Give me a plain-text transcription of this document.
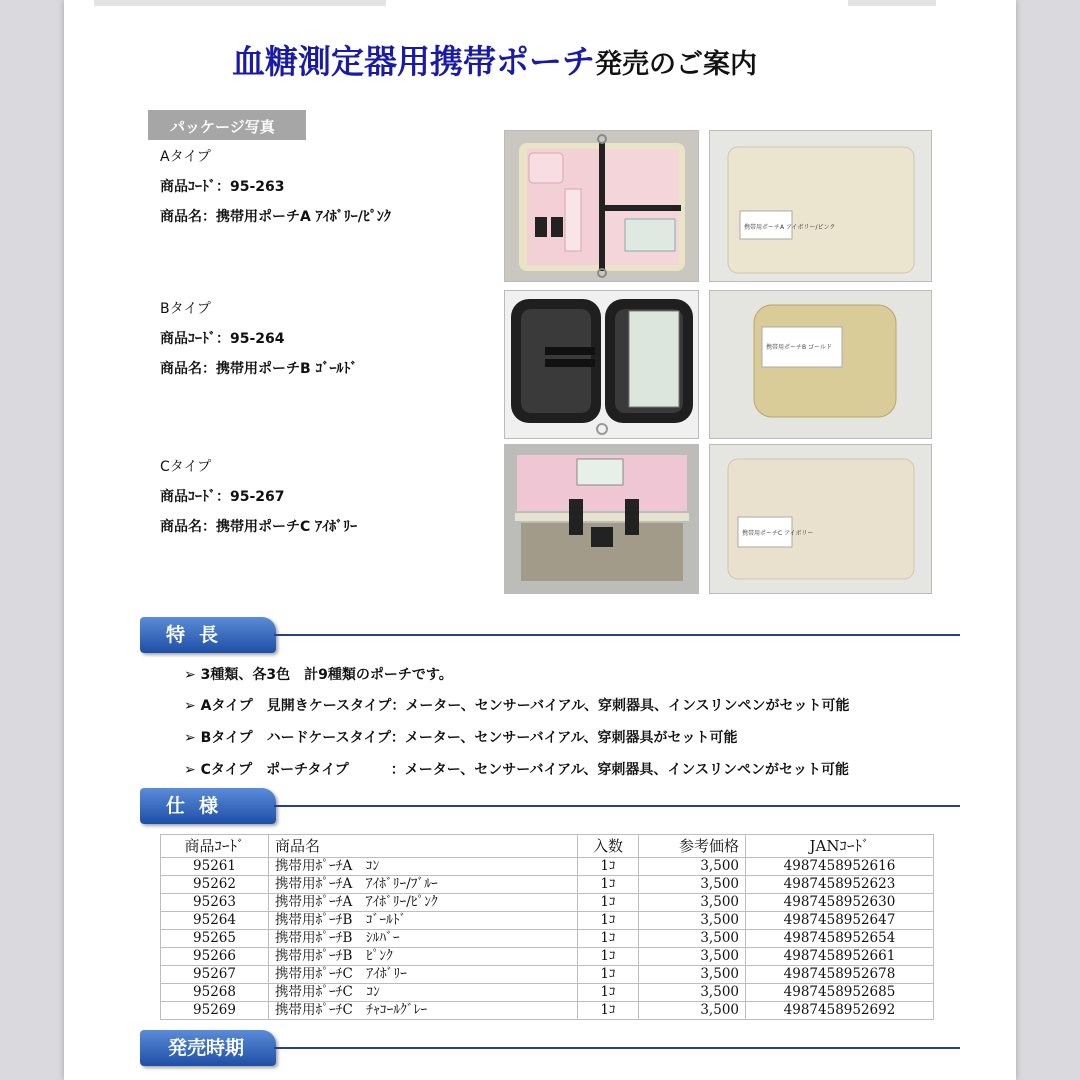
血糖測定器用携帯ポーチ発売のご案内
パッケージ写真
Aタイプ
商品ｺｰﾄﾞ：95-263
商品名：携帯用ポーチA ｱｲﾎﾞﾘｰ/ﾋﾟﾝｸ
Bタイプ
商品ｺｰﾄﾞ：95-264
商品名：携帯用ポーチB ｺﾞｰﾙﾄﾞ
Cタイプ
商品ｺｰﾄﾞ：95-267
商品名：携帯用ポーチC ｱｲﾎﾞﾘｰ
携帯用ポーチA アイボリー/ピンク
携帯用ポーチB ゴールド
携帯用ポーチC アイボリー
特長
➢ 3種類、各3色　計9種類のポーチです。
➢ Aタイプ　見開きケースタイプ：メーター、センサーバイアル、穿刺器具、インスリンペンがセット可能
➢ Bタイプ　ハードケースタイプ：メーター、センサーバイアル、穿刺器具がセット可能
➢ Cタイプ　ポーチタイプ　　　：メーター、センサーバイアル、穿刺器具、インスリンペンがセット可能
仕様
商品ｺｰﾄﾞ	商品名	入数	参考価格	JANｺｰﾄﾞ
95261	携帯用ﾎﾟｰﾁA　ｺﾝ	1ｺ	3,500	4987458952616
95262	携帯用ﾎﾟｰﾁA　ｱｲﾎﾞﾘｰ/ﾌﾞﾙｰ	1ｺ	3,500	4987458952623
95263	携帯用ﾎﾟｰﾁA　ｱｲﾎﾞﾘｰ/ﾋﾟﾝｸ	1ｺ	3,500	4987458952630
95264	携帯用ﾎﾟｰﾁB　ｺﾞｰﾙﾄﾞ	1ｺ	3,500	4987458952647
95265	携帯用ﾎﾟｰﾁB　ｼﾙﾊﾞｰ	1ｺ	3,500	4987458952654
95266	携帯用ﾎﾟｰﾁB　ﾋﾟﾝｸ	1ｺ	3,500	4987458952661
95267	携帯用ﾎﾟｰﾁC　ｱｲﾎﾞﾘｰ	1ｺ	3,500	4987458952678
95268	携帯用ﾎﾟｰﾁC　ｺﾝ	1ｺ	3,500	4987458952685
95269	携帯用ﾎﾟｰﾁC　ﾁｬｺｰﾙｸﾞﾚｰ	1ｺ	3,500	4987458952692
発売時期
